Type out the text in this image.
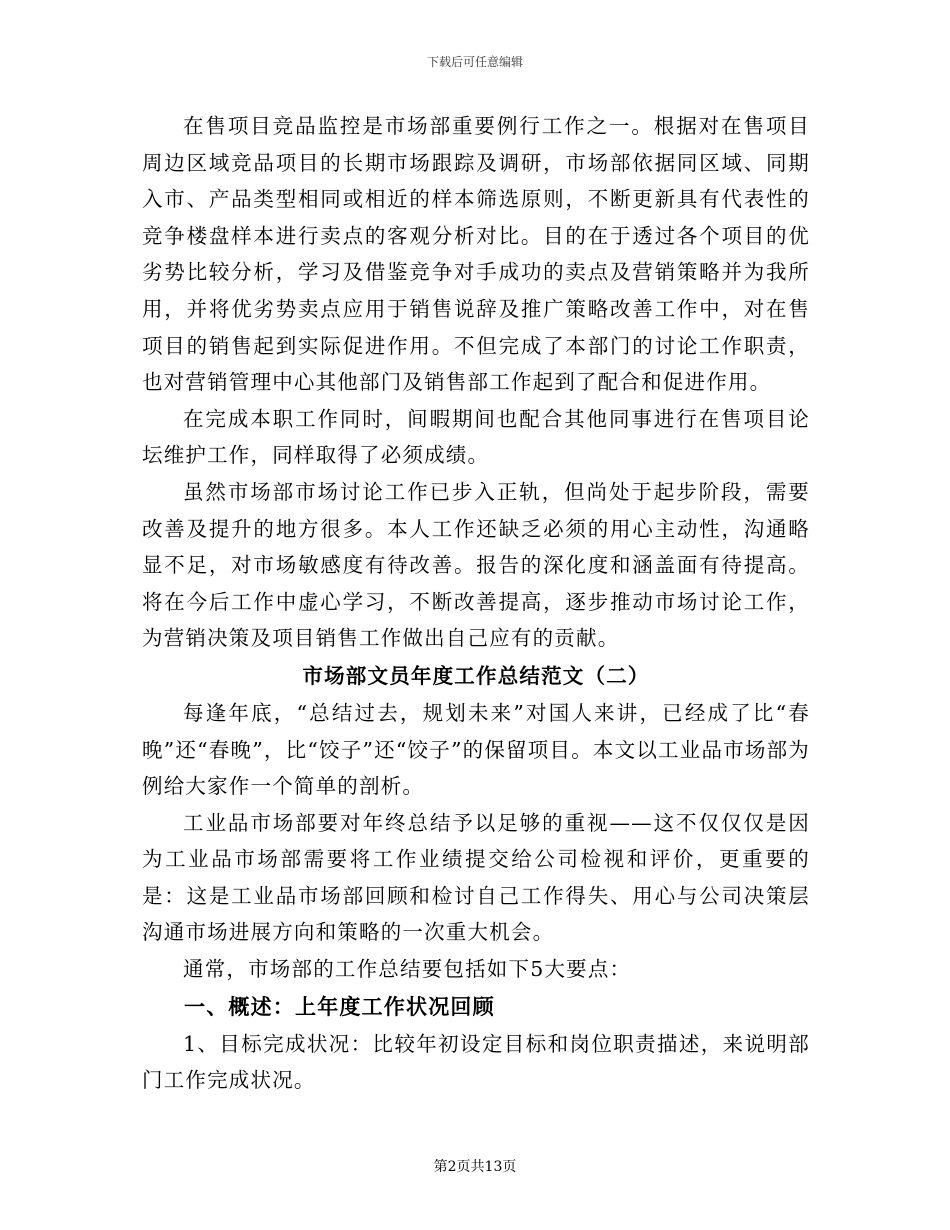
下载后可任意编辑

在售项目竞品监控是市场部重要例行工作之一。根据对在售项目周边区域竞品项目的长期市场跟踪及调研，市场部依据同区域、同期入市、产品类型相同或相近的样本筛选原则，不断更新具有代表性的竞争楼盘样本进行卖点的客观分析对比。目的在于透过各个项目的优劣势比较分析，学习及借鉴竞争对手成功的卖点及营销策略并为我所用，并将优劣势卖点应用于销售说辞及推广策略改善工作中，对在售项目的销售起到实际促进作用。不但完成了本部门的讨论工作职责，也对营销管理中心其他部门及销售部工作起到了配合和促进作用。

在完成本职工作同时，间暇期间也配合其他同事进行在售项目论坛维护工作，同样取得了必须成绩。

虽然市场部市场讨论工作已步入正轨，但尚处于起步阶段，需要改善及提升的地方很多。本人工作还缺乏必须的用心主动性，沟通略显不足，对市场敏感度有待改善。报告的深化度和涵盖面有待提高。将在今后工作中虚心学习，不断改善提高，逐步推动市场讨论工作，为营销决策及项目销售工作做出自己应有的贡献。

市场部文员年度工作总结范文（二）

每逢年底，“总结过去，规划未来”对国人来讲，已经成了比“春晚”还“春晚”，比“饺子”还“饺子”的保留项目。本文以工业品市场部为例给大家作一个简单的剖析。

工业品市场部要对年终总结予以足够的重视——这不仅仅仅是因为工业品市场部需要将工作业绩提交给公司检视和评价，更重要的是：这是工业品市场部回顾和检讨自己工作得失、用心与公司决策层沟通市场进展方向和策略的一次重大机会。

通常，市场部的工作总结要包括如下5大要点：

一、概述：上年度工作状况回顾

1、目标完成状况：比较年初设定目标和岗位职责描述，来说明部门工作完成状况。

第2页共13页
